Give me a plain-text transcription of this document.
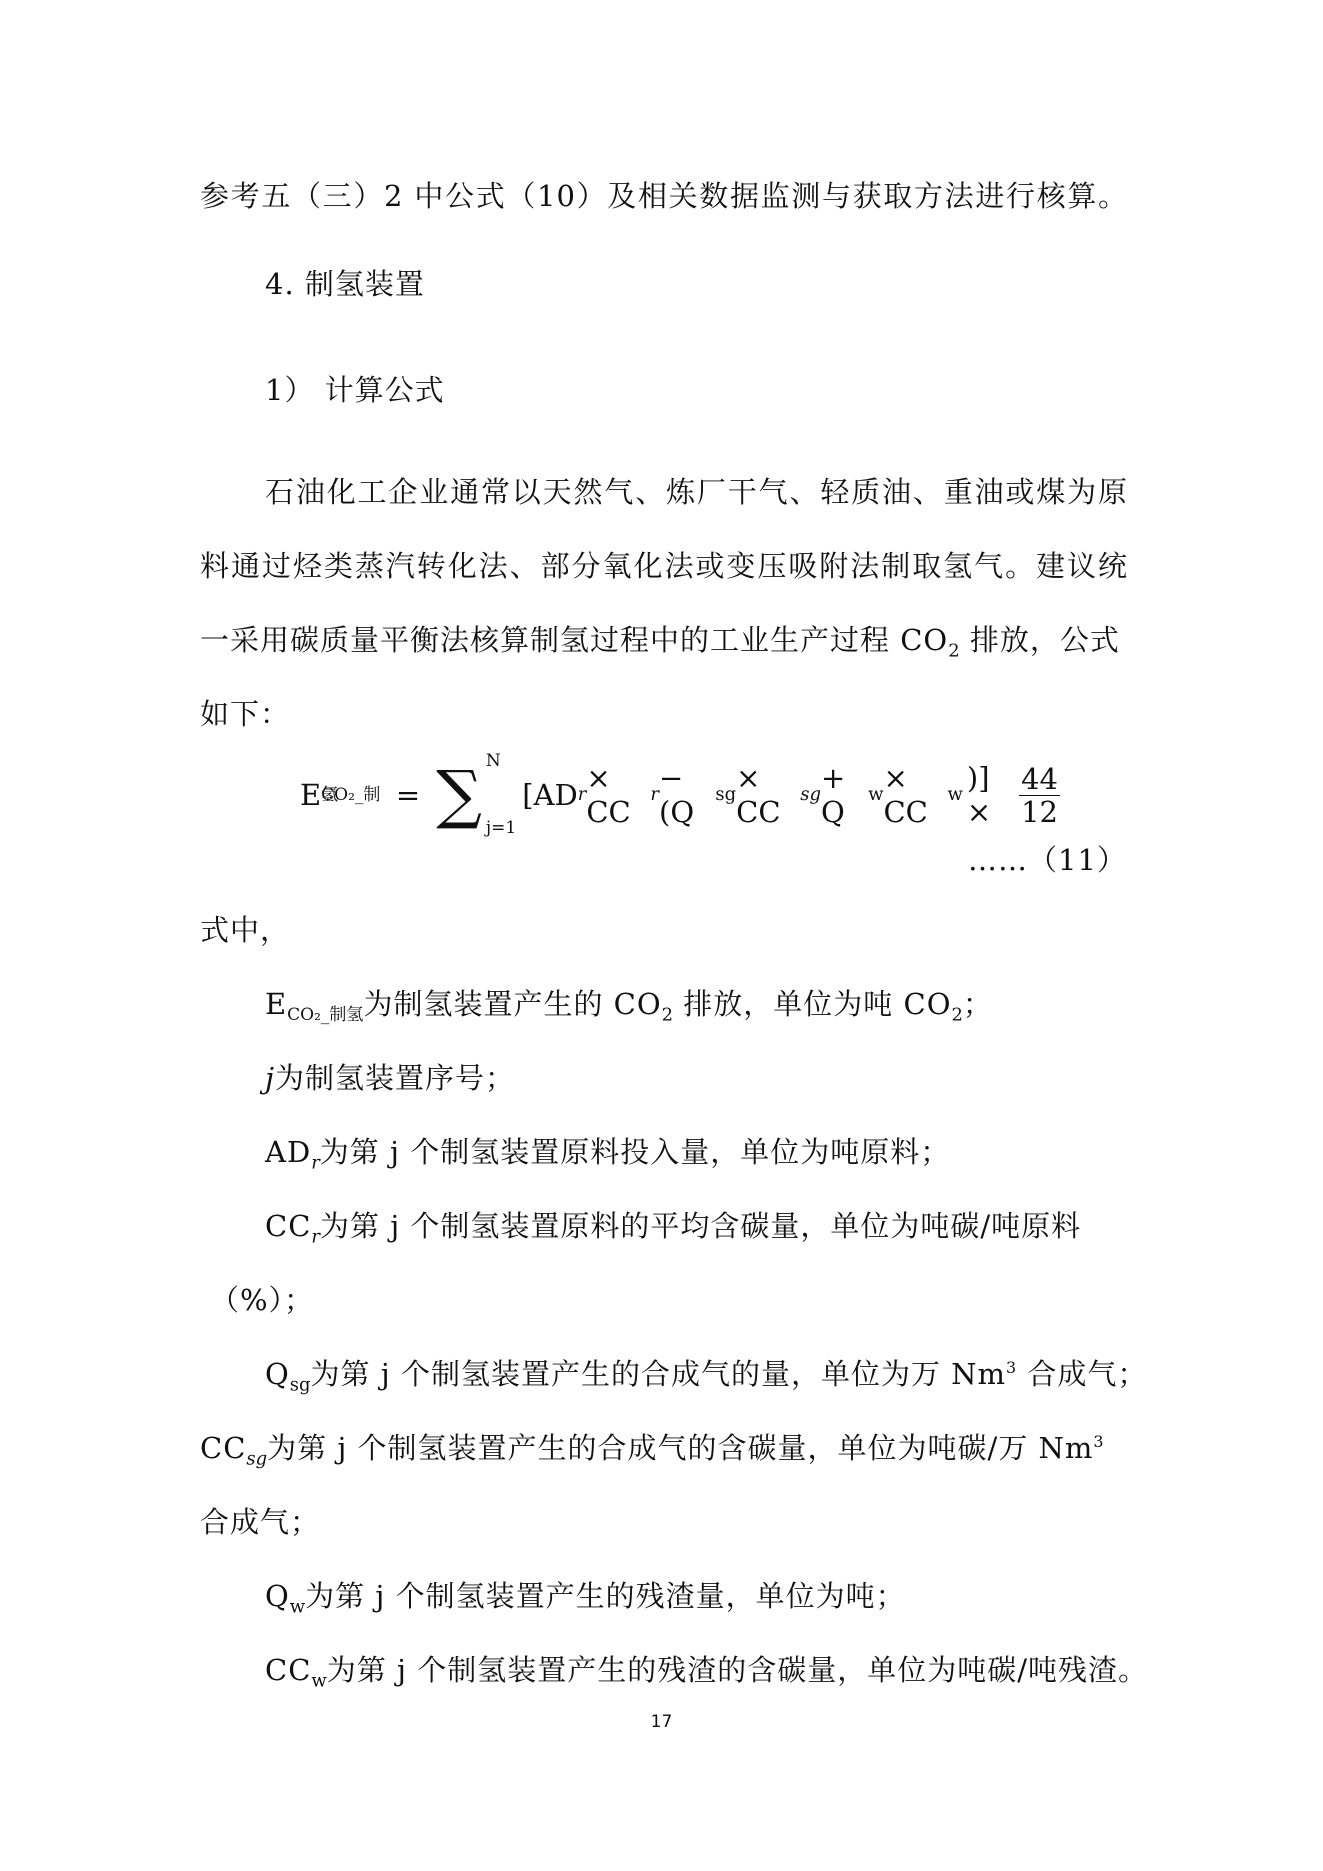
参考五（三）2 中公式（10）及相关数据监测与获取方法进行核算。
4. 制氢装置
1） 计算公式
石油化工企业通常以天然气、炼厂干气、轻质油、重油或煤为原
料通过烃类蒸汽转化法、部分氧化法或变压吸附法制取氢气。建议统
一采用碳质量平衡法核算制氢过程中的工业生产过程 $CO_2$ 排放，公式
如下：
E CO₂_制氢	= ∑ N
j=1
[AD r × CC
r − (Q
sg × CC
sg + Q
w × CC
w )] × $\frac{44}{12}$
……（11）
式中，
$E_{CO_2\_制氢}$为制氢装置产生的 $CO_2$ 排放，单位为吨 $CO_2$；
j为制氢装置序号；
$AD_r$为第 j 个制氢装置原料投入量，单位为吨原料；
$CC_r$为第 j 个制氢装置原料的平均含碳量，单位为吨碳/吨原料
（%）；
$Q_{sg}$为第 j 个制氢装置产生的合成气的量，单位为万 Nm$^3$ 合成气；
$CC_{sg}$为第 j 个制氢装置产生的合成气的含碳量，单位为吨碳/万 Nm$^3$
合成气；
$Q_w$为第 j 个制氢装置产生的残渣量，单位为吨；
$CC_w$为第 j 个制氢装置产生的残渣的含碳量，单位为吨碳/吨残渣。
17
